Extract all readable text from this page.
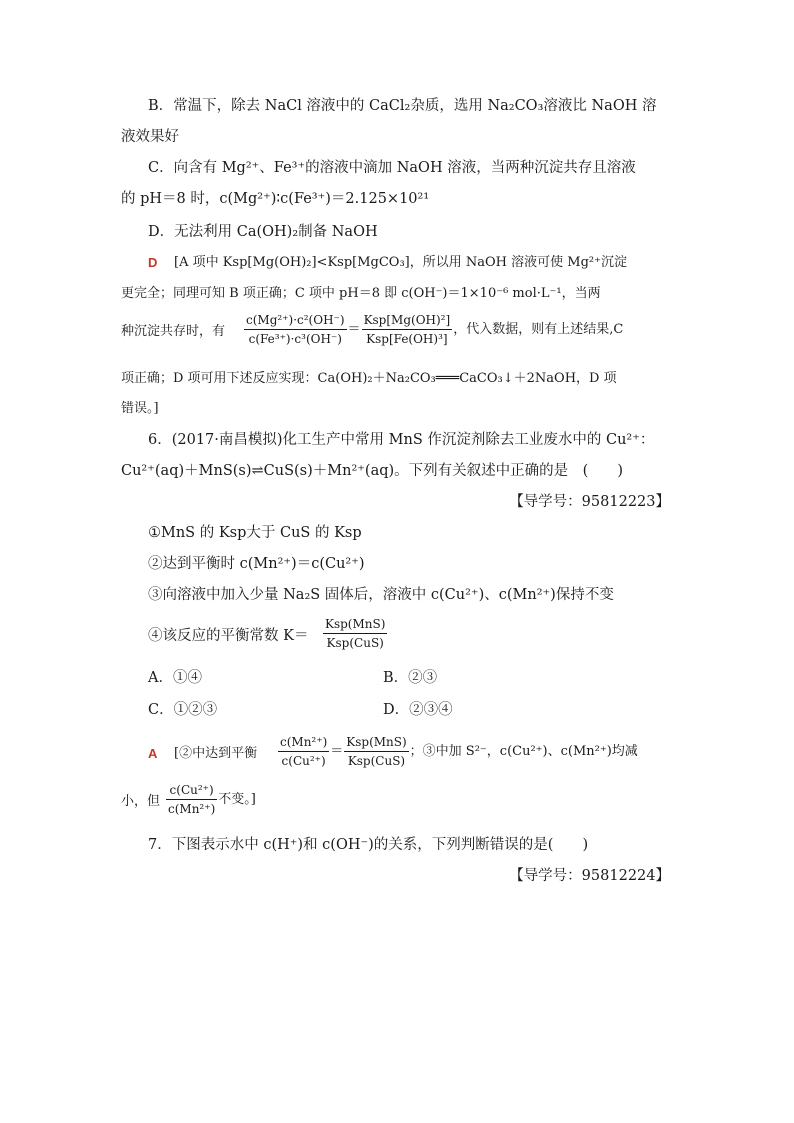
B．常温下，除去 NaCl 溶液中的 CaCl₂杂质，选用 Na₂CO₃溶液比 NaOH 溶
液效果好
C．向含有 Mg²⁺、Fe³⁺的溶液中滴加 NaOH 溶液，当两种沉淀共存且溶液
的 pH＝8 时，c(Mg²⁺)∶c(Fe³⁺)＝2.125×10²¹
D．无法利用 Ca(OH)₂制备 NaOH
D [A 项中 Ksp[Mg(OH)₂]<Ksp[MgCO₃]，所以用 NaOH 溶液可使 Mg²⁺沉淀
更完全；同理可知 B 项正确；C 项中 pH＝8 即 c(OH⁻)＝1×10⁻⁶ mol·L⁻¹，当两
种沉淀共存时，有 $\frac{\text{c(Mg²⁺)·c²(OH⁻)}}{\text{c(Fe³⁺)·c³(OH⁻)}} = \frac{\text{Ksp[Mg(OH)²]}}{\text{Ksp[Fe(OH)³]}}$ ，代入数据，则有上述结果,C
项正确；D 项可用下述反应实现：Ca(OH)₂＋Na₂CO₃═══CaCO₃↓＋2NaOH，D 项
错误。]
6．(2017·南昌模拟)化工生产中常用 MnS 作沉淀剂除去工业废水中的 Cu²⁺：
Cu²⁺(aq)＋MnS(s)⇌CuS(s)＋Mn²⁺(aq)。下列有关叙述中正确的是　(　　)
【导学号：95812223】
①MnS 的 Ksp大于 CuS 的 Ksp
②达到平衡时 c(Mn²⁺)＝c(Cu²⁺)
③向溶液中加入少量 Na₂S 固体后，溶液中 c(Cu²⁺)、c(Mn²⁺)保持不变
④该反应的平衡常数 $K= \frac{\text{Ksp(MnS)}}{\text{Ksp(CuS)}}$
A．①④	B．②③
C．①②③	D．②③④
A [②中达到平衡 $\frac{\text{c(Mn²⁺)}}{\text{c(Cu²⁺)}} = \frac{\text{Ksp(MnS)}}{\text{Ksp(CuS)}}$ ；③中加 S²⁻，c(Cu²⁺)、c(Mn²⁺)均减
小，但 $\frac{\text{c(Cu²⁺)}}{\text{c(Mn²⁺)}}$ 不变。]
7．下图表示水中 c(H⁺)和 c(OH⁻)的关系，下列判断错误的是(　　)
【导学号：95812224】
